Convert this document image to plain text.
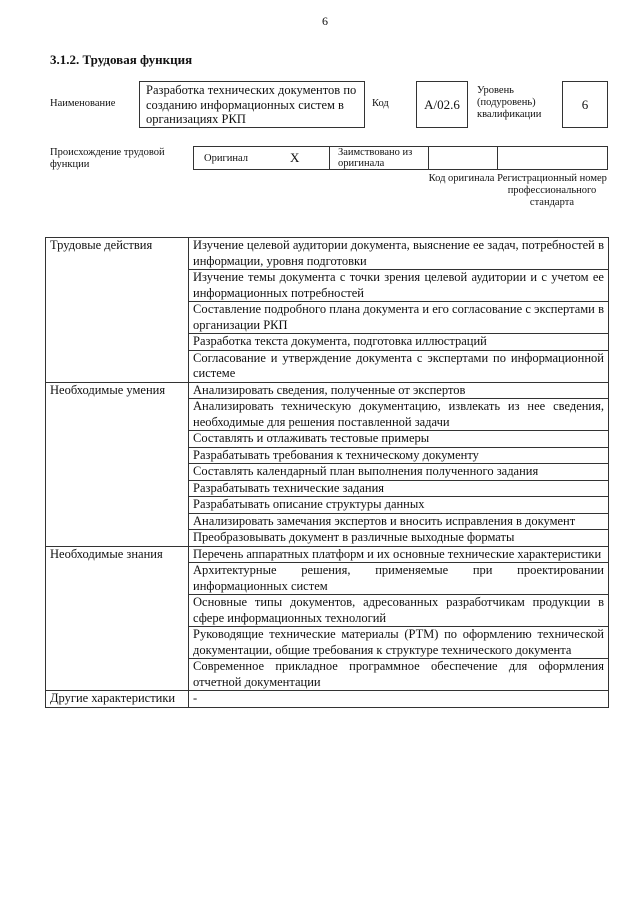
6
3.1.2. Трудовая функция
Наименование
Разработка технических документов по созданию информационных систем в организациях РКП
Код	A/02.6
Уровень (подуровень) квалификации
6
Происхождение трудовой функции
Оригинал	X	Заимствовано из оригинала
Код оригинала Регистрационный номер профессионального стандарта
Трудовые действия	Изучение целевой аудитории документа, выяснение ее задач, потребностей в информации, уровня подготовки
	Изучение темы документа с точки зрения целевой аудитории и с учетом ее информационных потребностей
	Составление подробного плана документа и его согласование с экспертами в организации РКП
	Разработка текста документа, подготовка иллюстраций
	Согласование и утверждение документа с экспертами по информационной системе
Необходимые умения	Анализировать сведения, полученные от экспертов
	Анализировать техническую документацию, извлекать из нее сведения, необходимые для решения поставленной задачи
	Составлять и отлаживать тестовые примеры
	Разрабатывать требования к техническому документу
	Составлять календарный план выполнения полученного задания
	Разрабатывать технические задания
	Разрабатывать описание структуры данных
	Анализировать замечания экспертов и вносить исправления в документ
	Преобразовывать документ в различные выходные форматы
Необходимые знания	Перечень аппаратных платформ и их основные технические характеристики
	Архитектурные решения, применяемые при проектировании информационных систем
	Основные типы документов, адресованных разработчикам продукции в сфере информационных технологий
	Руководящие технические материалы (РТМ) по оформлению технической документации, общие требования к структуре технического документа
	Современное прикладное программное обеспечение для оформления отчетной документации
Другие характеристики	-
